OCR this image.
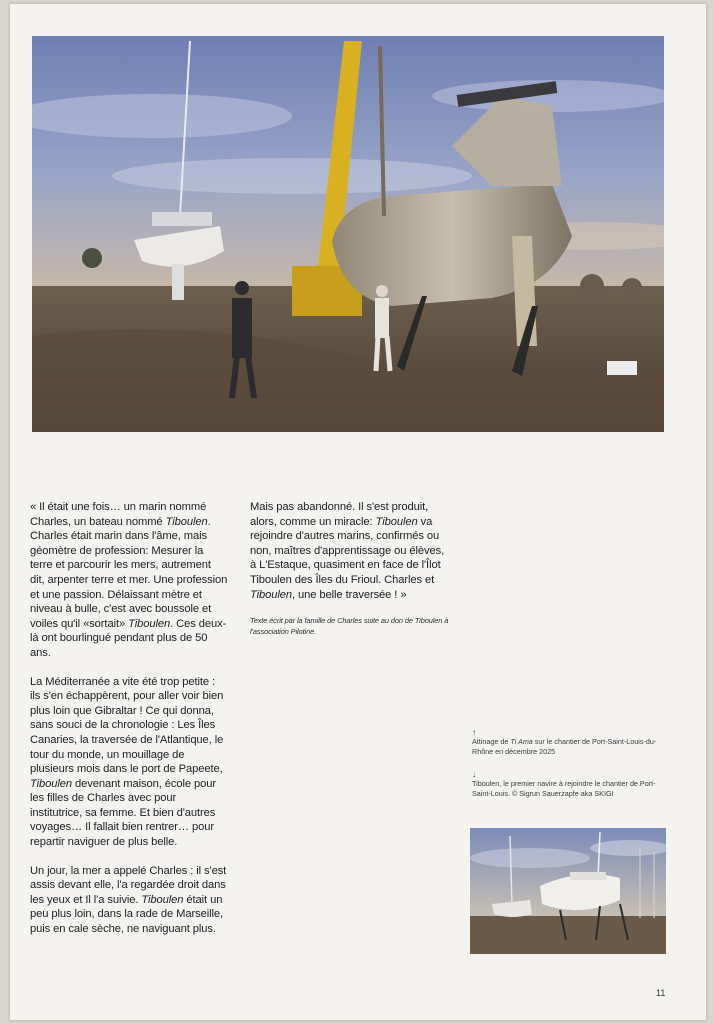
« Il était une fois… un marin nommé Charles, un bateau nommé Tiboulen. Charles était marin dans l'âme, mais géomètre de profession: Mesurer la terre et parcourir les mers, autrement dit, arpenter terre et mer. Une profession et une passion. Délaissant mètre et niveau à bulle, c'est avec boussole et voiles qu'il «sortait» Tiboulen. Ces deux-là ont bourlingué pendant plus de 50 ans.

La Méditerranée a vite été trop petite : ils s'en échappèrent, pour aller voir bien plus loin que Gibraltar ! Ce qui donna, sans souci de la chronologie : Les Îles Canaries, la traversée de l'Atlantique, le tour du monde, un mouillage de plusieurs mois dans le port de Papeete, Tiboulen devenant maison, école pour les filles de Charles avec pour institutrice, sa femme. Et bien d'autres voyages… Il fallait bien rentrer… pour repartir naviguer de plus belle.

Un jour, la mer a appelé Charles : il s'est assis devant elle, l'a regardée droit dans les yeux et Il l'a suivie. Tiboulen était un peu plus loin, dans la rade de Marseille, puis en cale sèche, ne naviguant plus.

Mais pas abandonné. Il s'est produit, alors, comme un miracle: Tiboulen va rejoindre d'autres marins, confirmés ou non, maîtres d'apprentissage ou élèves, à L'Estaque, quasiment en face de l'Îlot Tiboulen des Îles du Frioul. Charles et Tiboulen, une belle traversée ! »

Texte écrit par la famille de Charles suite au don de Tiboulen à l'association Pilotine.

↑
Attinage de Ti Ama sur le chantier de Port-Saint-Louis-du-Rhône en décembre 2025

↓
Tiboulen, le premier navire à rejoindre le chantier de Port-Saint-Louis. © Sigrun Sauerzapfe aka SKIGI

11
